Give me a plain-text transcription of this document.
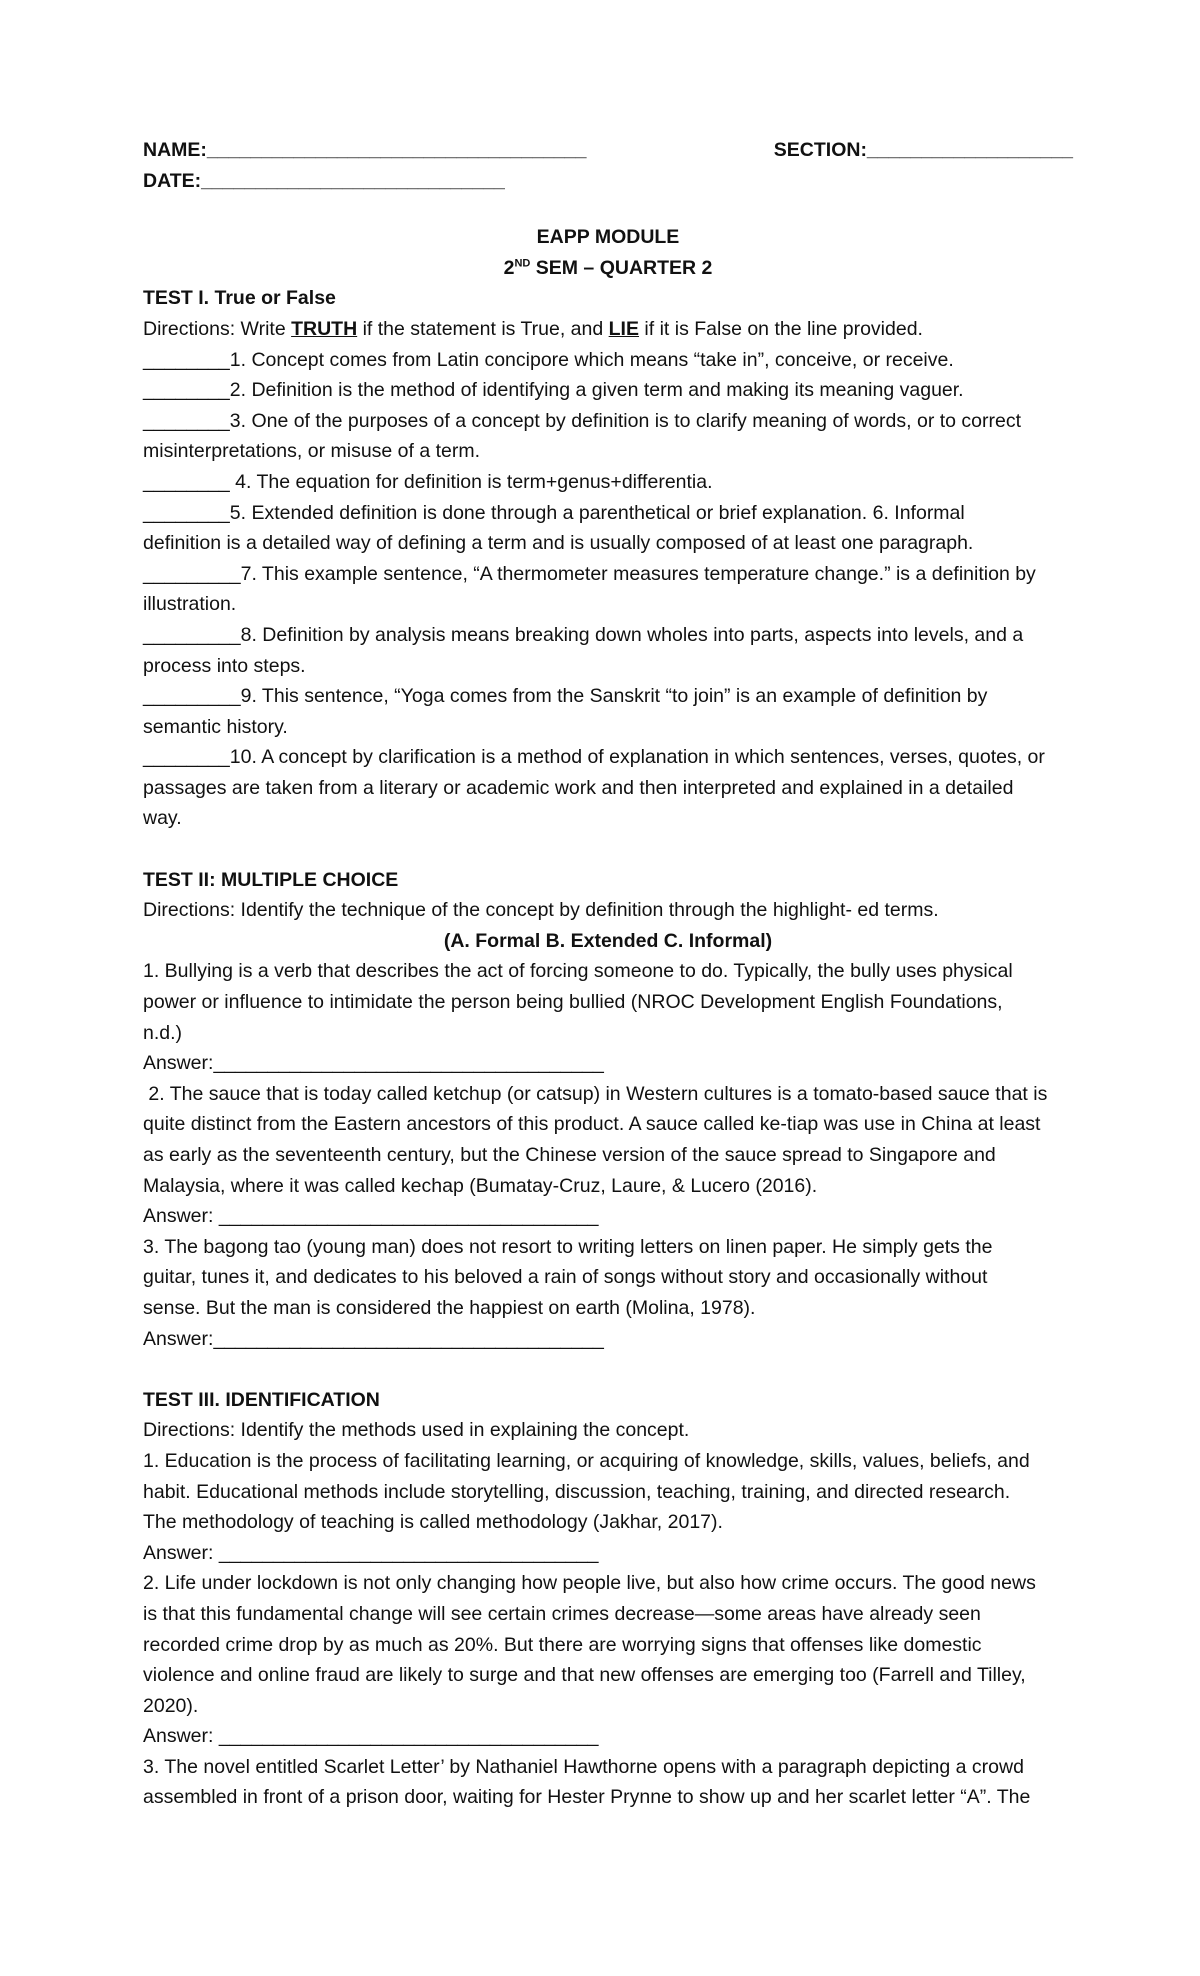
NAME:___________________________________	SECTION:___________________
DATE:____________________________
EAPP MODULE
2ND SEM – QUARTER 2
TEST I. True or False
Directions: Write TRUTH if the statement is True, and LIE if it is False on the line provided.
________1. Concept comes from Latin concipore which means “take in”, conceive, or receive.
________2. Definition is the method of identifying a given term and making its meaning vaguer.
________3. One of the purposes of a concept by definition is to clarify meaning of words, or to correct
misinterpretations, or misuse of a term.
________ 4. The equation for definition is term+genus+differentia.
________5. Extended definition is done through a parenthetical or brief explanation. 6. Informal
definition is a detailed way of defining a term and is usually composed of at least one paragraph.
_________7. This example sentence, “A thermometer measures temperature change.” is a definition by
illustration.
_________8. Definition by analysis means breaking down wholes into parts, aspects into levels, and a
process into steps.
_________9. This sentence, “Yoga comes from the Sanskrit “to join” is an example of definition by
semantic history.
________10. A concept by clarification is a method of explanation in which sentences, verses, quotes, or
passages are taken from a literary or academic work and then interpreted and explained in a detailed
way.
TEST II: MULTIPLE CHOICE
Directions: Identify the technique of the concept by definition through the highlight- ed terms.
(A. Formal B. Extended C. Informal)
1. Bullying is a verb that describes the act of forcing someone to do. Typically, the bully uses physical
power or influence to intimidate the person being bullied (NROC Development English Foundations,
n.d.)
Answer:____________________________________
2. The sauce that is today called ketchup (or catsup) in Western cultures is a tomato-based sauce that is
quite distinct from the Eastern ancestors of this product. A sauce called ke-tiap was use in China at least
as early as the seventeenth century, but the Chinese version of the sauce spread to Singapore and
Malaysia, where it was called kechap (Bumatay-Cruz, Laure, & Lucero (2016).
Answer: ___________________________________
3. The bagong tao (young man) does not resort to writing letters on linen paper. He simply gets the
guitar, tunes it, and dedicates to his beloved a rain of songs without story and occasionally without
sense. But the man is considered the happiest on earth (Molina, 1978).
Answer:____________________________________
TEST III. IDENTIFICATION
Directions: Identify the methods used in explaining the concept.
1. Education is the process of facilitating learning, or acquiring of knowledge, skills, values, beliefs, and
habit. Educational methods include storytelling, discussion, teaching, training, and directed research.
The methodology of teaching is called methodology (Jakhar, 2017).
Answer: ___________________________________
2. Life under lockdown is not only changing how people live, but also how crime occurs. The good news
is that this fundamental change will see certain crimes decrease—some areas have already seen
recorded crime drop by as much as 20%. But there are worrying signs that offenses like domestic
violence and online fraud are likely to surge and that new offenses are emerging too (Farrell and Tilley,
2020).
Answer: ___________________________________
3. The novel entitled Scarlet Letter’ by Nathaniel Hawthorne opens with a paragraph depicting a crowd
assembled in front of a prison door, waiting for Hester Prynne to show up and her scarlet letter “A”. The
